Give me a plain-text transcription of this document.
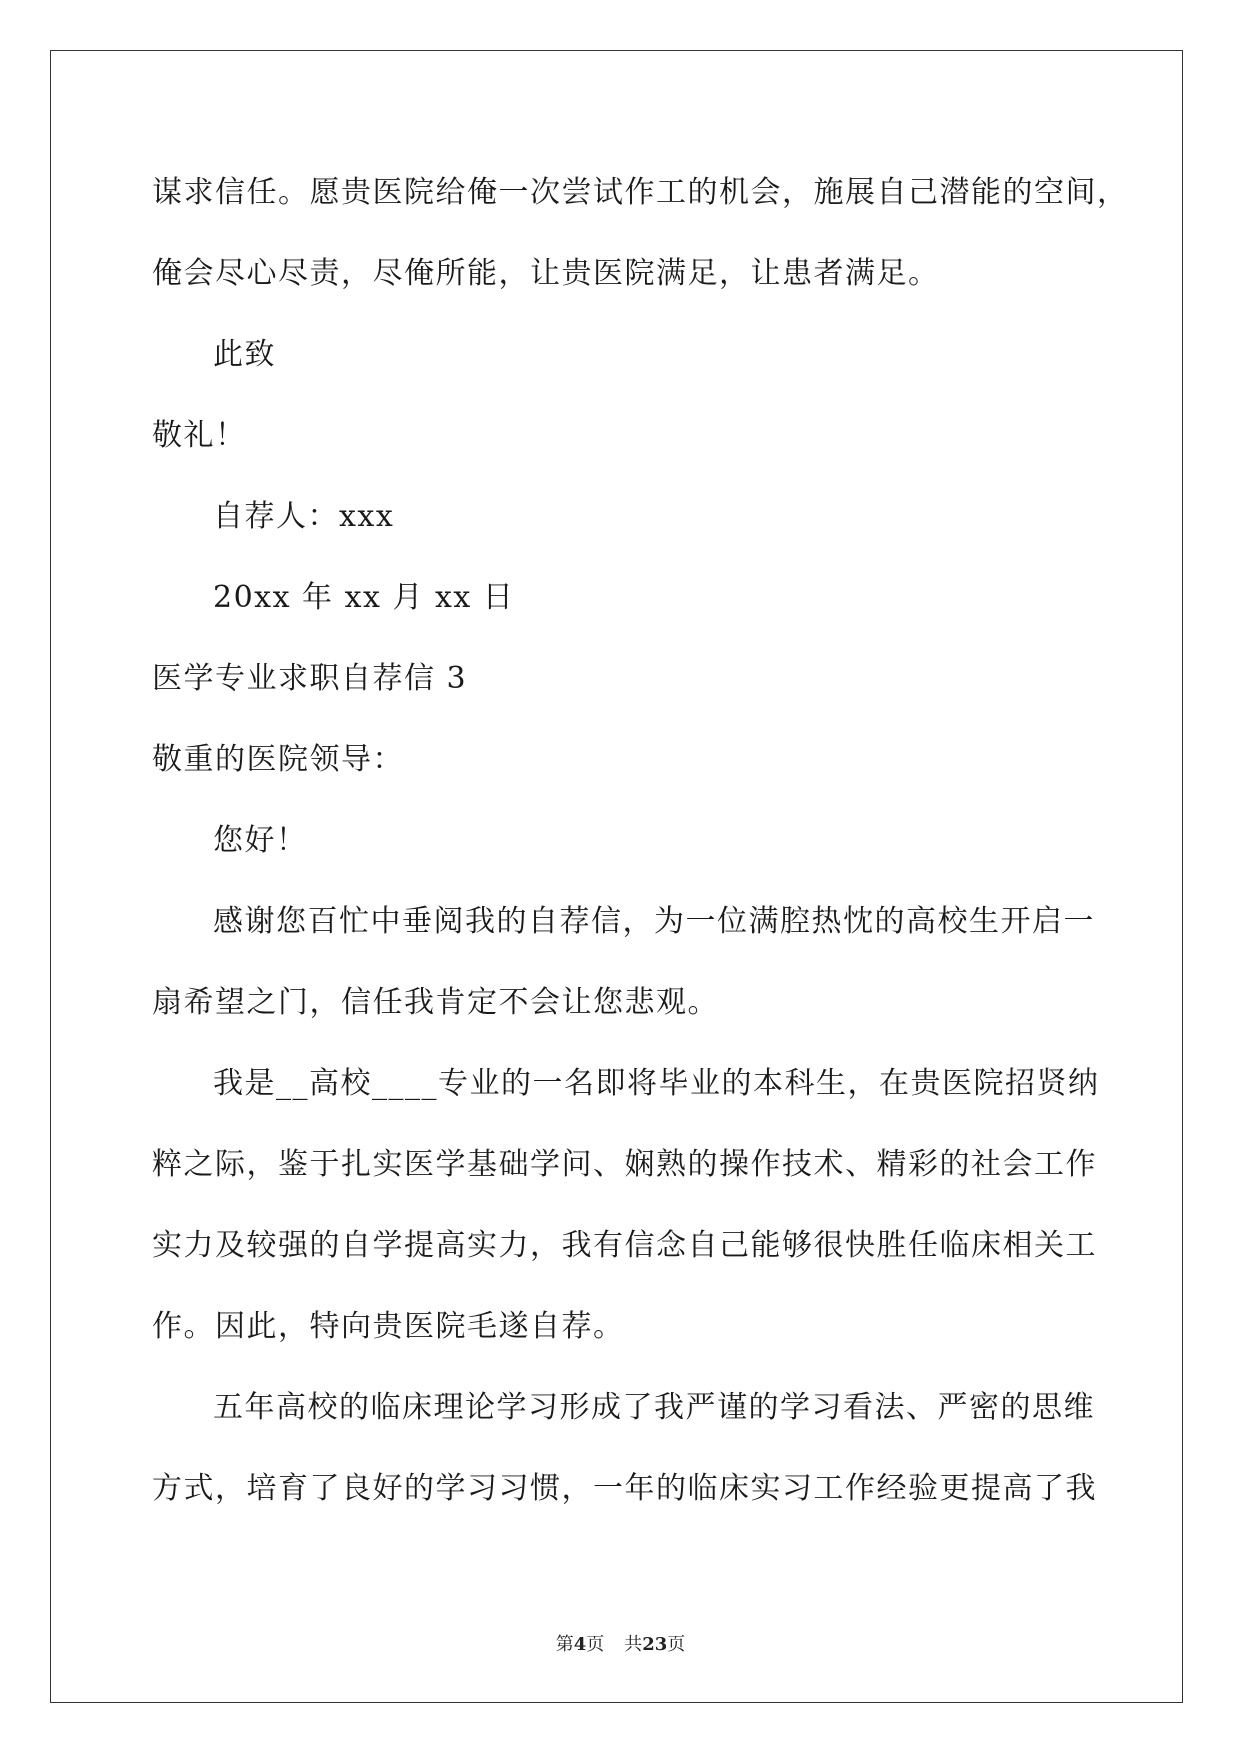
谋求信任。愿贵医院给俺一次尝试作工的机会，施展自己潜能的空间，
俺会尽心尽责，尽俺所能，让贵医院满足，让患者满足。
此致
敬礼！
自荐人：xxx
20xx 年 xx 月 xx 日
医学专业求职自荐信 3
敬重的医院领导：
您好！
感谢您百忙中垂阅我的自荐信，为一位满腔热忱的高校生开启一
扇希望之门，信任我肯定不会让您悲观。
我是__高校____专业的一名即将毕业的本科生，在贵医院招贤纳
粹之际，鉴于扎实医学基础学问、娴熟的操作技术、精彩的社会工作
实力及较强的自学提高实力，我有信念自己能够很快胜任临床相关工
作。因此，特向贵医院毛遂自荐。
五年高校的临床理论学习形成了我严谨的学习看法、严密的思维
方式，培育了良好的学习习惯，一年的临床实习工作经验更提高了我
第4页 共23页
